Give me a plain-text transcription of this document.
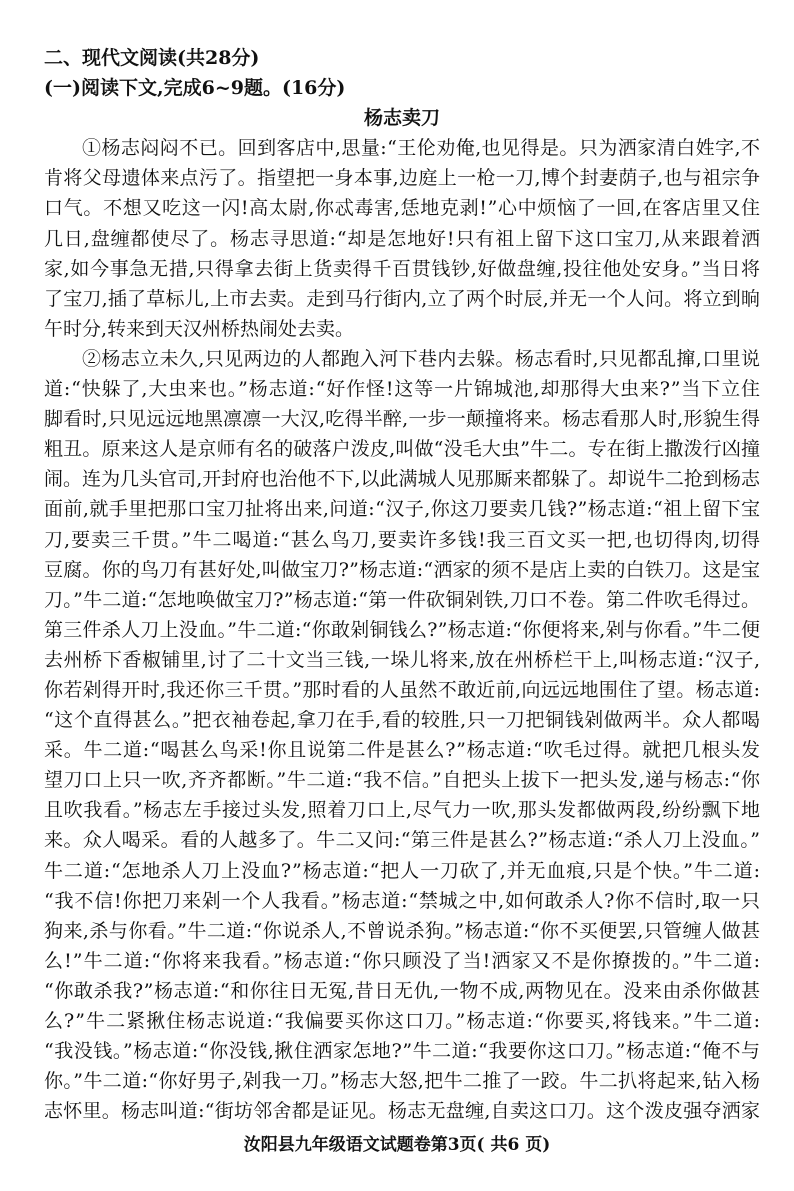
二、现代文阅读(共28分)
(一)阅读下文,完成6~9题。(16分)
杨志卖刀
①杨志闷闷不已。回到客店中,思量:“王伦劝俺,也见得是。只为洒家清白姓字,不
肯将父母遗体来点污了。指望把一身本事,边庭上一枪一刀,博个封妻荫子,也与祖宗争
口气。不想又吃这一闪!高太尉,你忒毒害,恁地克剥!”心中烦恼了一回,在客店里又住
几日,盘缠都使尽了。杨志寻思道:“却是怎地好!只有祖上留下这口宝刀,从来跟着洒
家,如今事急无措,只得拿去街上货卖得千百贯钱钞,好做盘缠,投往他处安身。”当日将
了宝刀,插了草标儿,上市去卖。走到马行街内,立了两个时辰,并无一个人问。将立到晌
午时分,转来到天汉州桥热闹处去卖。
②杨志立未久,只见两边的人都跑入河下巷内去躲。杨志看时,只见都乱撺,口里说
道:“快躲了,大虫来也。”杨志道:“好作怪!这等一片锦城池,却那得大虫来?”当下立住
脚看时,只见远远地黑凛凛一大汉,吃得半醉,一步一颠撞将来。杨志看那人时,形貌生得
粗丑。原来这人是京师有名的破落户泼皮,叫做“没毛大虫”牛二。专在街上撒泼行凶撞
闹。连为几头官司,开封府也治他不下,以此满城人见那厮来都躲了。却说牛二抢到杨志
面前,就手里把那口宝刀扯将出来,问道:“汉子,你这刀要卖几钱?”杨志道:“祖上留下宝
刀,要卖三千贯。”牛二喝道:“甚么鸟刀,要卖许多钱!我三百文买一把,也切得肉,切得
豆腐。你的鸟刀有甚好处,叫做宝刀?”杨志道:“洒家的须不是店上卖的白铁刀。这是宝
刀。”牛二道:“怎地唤做宝刀?”杨志道:“第一件砍铜剁铁,刀口不卷。第二件吹毛得过。
第三件杀人刀上没血。”牛二道:“你敢剁铜钱么?”杨志道:“你便将来,剁与你看。”牛二便
去州桥下香椒铺里,讨了二十文当三钱,一垛儿将来,放在州桥栏干上,叫杨志道:“汉子,
你若剁得开时,我还你三千贯。”那时看的人虽然不敢近前,向远远地围住了望。杨志道:
“这个直得甚么。”把衣袖卷起,拿刀在手,看的较胜,只一刀把铜钱剁做两半。众人都喝
采。牛二道:“喝甚么鸟采!你且说第二件是甚么?”杨志道:“吹毛过得。就把几根头发
望刀口上只一吹,齐齐都断。”牛二道:“我不信。”自把头上拔下一把头发,递与杨志:“你
且吹我看。”杨志左手接过头发,照着刀口上,尽气力一吹,那头发都做两段,纷纷飘下地
来。众人喝采。看的人越多了。牛二又问:“第三件是甚么?”杨志道:“杀人刀上没血。”
牛二道:“怎地杀人刀上没血?”杨志道:“把人一刀砍了,并无血痕,只是个快。”牛二道:
“我不信!你把刀来剁一个人我看。”杨志道:“禁城之中,如何敢杀人?你不信时,取一只
狗来,杀与你看。”牛二道:“你说杀人,不曾说杀狗。”杨志道:“你不买便罢,只管缠人做甚
么!”牛二道:“你将来我看。”杨志道:“你只顾没了当!洒家又不是你撩拨的。”牛二道:
“你敢杀我?”杨志道:“和你往日无冤,昔日无仇,一物不成,两物见在。没来由杀你做甚
么?”牛二紧揪住杨志说道:“我偏要买你这口刀。”杨志道:“你要买,将钱来。”牛二道:
“我没钱。”杨志道:“你没钱,揪住洒家怎地?”牛二道:“我要你这口刀。”杨志道:“俺不与
你。”牛二道:“你好男子,剁我一刀。”杨志大怒,把牛二推了一跤。牛二扒将起来,钻入杨
志怀里。杨志叫道:“街坊邻舍都是证见。杨志无盘缠,自卖这口刀。这个泼皮强夺洒家
汝阳县九年级语文试题卷第3页( 共6 页)
